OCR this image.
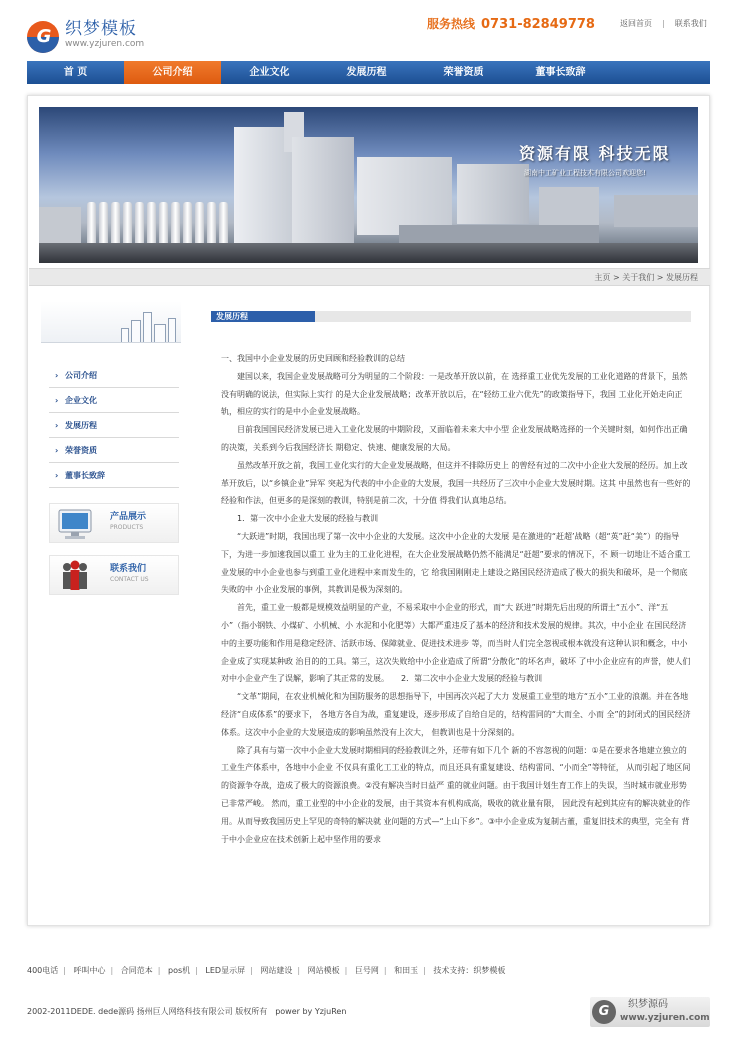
G 织梦模板
www.yzjuren.com
服务热线 0731-82849778	返回首页 | 联系我们
首 页	公司介绍	企业文化	发展历程	荣誉资质	董事长致辞
资源有限 科技无限
湖南中工矿业工程技术有限公司欢迎您!
主页 > 关于我们 > 发展历程
› 公司介绍
› 企业文化
› 发展历程
› 荣誉资质
› 董事长致辞
产品展示
PRODUCTS
联系我们
CONTACT US
发展历程

一、我国中小企业发展的历史回顾和经验教训的总结

建国以来，我国企业发展战略可分为明显的二个阶段：一是改革开放以前，在 选择重工业优先发展的工业化道路的背景下，虽然没有明确的说法，但实际上实行 的是大企业发展战略；改革开放以后，在“轻纺工业六优先”的政策指导下，我国 工业化开始走向正轨，相应的实行的是中小企业发展战略。

目前我国国民经济发展已进入工业化发展的中期阶段，又面临着未来大中小型 企业发展战略选择的一个关键时刻，如何作出正确的决策，关系到今后我国经济长 期稳定、快速、健康发展的大局。

虽然改革开放之前，我国工业化实行的大企业发展战略，但这并不排除历史上 的曾经有过的二次中小企业大发展的经历。加上改革开放后，以“乡镇企业”异军 突起为代表的中小企业的大发展，我国一共经历了三次中小企业大发展时期。这其 中虽然也有一些好的经验和作法，但更多的是深刻的教训，特别是前二次，十分值 得我们认真地总结。

1．第一次中小企业大发展的经验与教训

“大跃进”时期，我国出现了第一次中小企业的大发展。这次中小企业的大发展 是在激进的“赶超’战略（超“英”赶“美”）的指导下，为进一步加速我国以重工 业为主的工业化进程，在大企业发展战略仍然不能满足“赶超”要求的情况下，不 顾一切地让不适合重工业发展的中小企业也参与到重工业化进程中来而发生的，它 给我国刚刚走上建设之路国民经济造成了极大的损失和破坏，是一个彻底失败的中 小企业发展的事例，其教训是极为深刻的。

首先，重工业一般都是规模效益明显的产业，不易采取中小企业的形式，而“大 跃进”时期先后出现的所谓土“五小”、洋“五小”（指小钢铁、小煤矿、小机械、小 水泥和小化肥等）大都严重违反了基本的经济和技术发展的规律。其次，中小企业 在国民经济中的主要功能和作用是稳定经济、活跃市场、保障就业、促进技术进步 等，而当时人们完全忽视或根本就没有这种认识和概念，中小企业成了实现某种政 治目的的工具。第三，这次失败给中小企业造成了所谓“分散化”的坏名声，破坏 了中小企业应有的声誉，使人们对中小企业产生了误解，影响了其正常的发展。　　2．第二次中小企业大发展的经验与教训

“文革”期间，在农业机械化和为国防服务的思想指导下，中国再次兴起了大力 发展重工业型的地方“五小”工业的浪潮。并在各地经济“自成体系”的要求下， 各地方各自为战，重复建设，逐步形成了自给自足的，结构雷同的“大而全、小而 全”的封闭式的国民经济体系。这次中小企业的大发展造成的影响虽然没有上次大， 但教训也是十分深刻的。

除了具有与第一次中小企业大发展时期相同的经验教训之外，还带有如下几个 新的不容忽视的问题：①是在要求各地建立独立的工业生产体系中，各地中小企业 不仅具有重化工工业的特点，而且还具有重复建设、结构雷同、“小而全”等特征， 从而引起了地区间的资源争夺战，造成了极大的资源浪费。②没有解决当时日益严 重的就业问题。由于我国计划生育工作上的失误，当时城市就业形势已非常严峻。 然而，重工业型的中小企业的发展，由于其资本有机构成高，吸收的就业量有限， 因此没有起到其应有的解决就业的作用。从而导致我国历史上罕见的奇特的解决就 业问题的方式—“上山下乡”。③中小企业成为复制古董，重复旧技术的典型，完全有 背于中小企业应在技术创新上起中坚作用的要求

400电话 | 呼叫中心 | 合同范本 | pos机 | LED显示屏 | 网站建设 | 网站模板 | 巨号网 | 和田玉 | 技术支持：织梦模板
2002-2011DEDE. dede源码 扬州巨人网络科技有限公司 版权所有　power by YzjuRen	G	织梦源码
www.yzjuren.com
